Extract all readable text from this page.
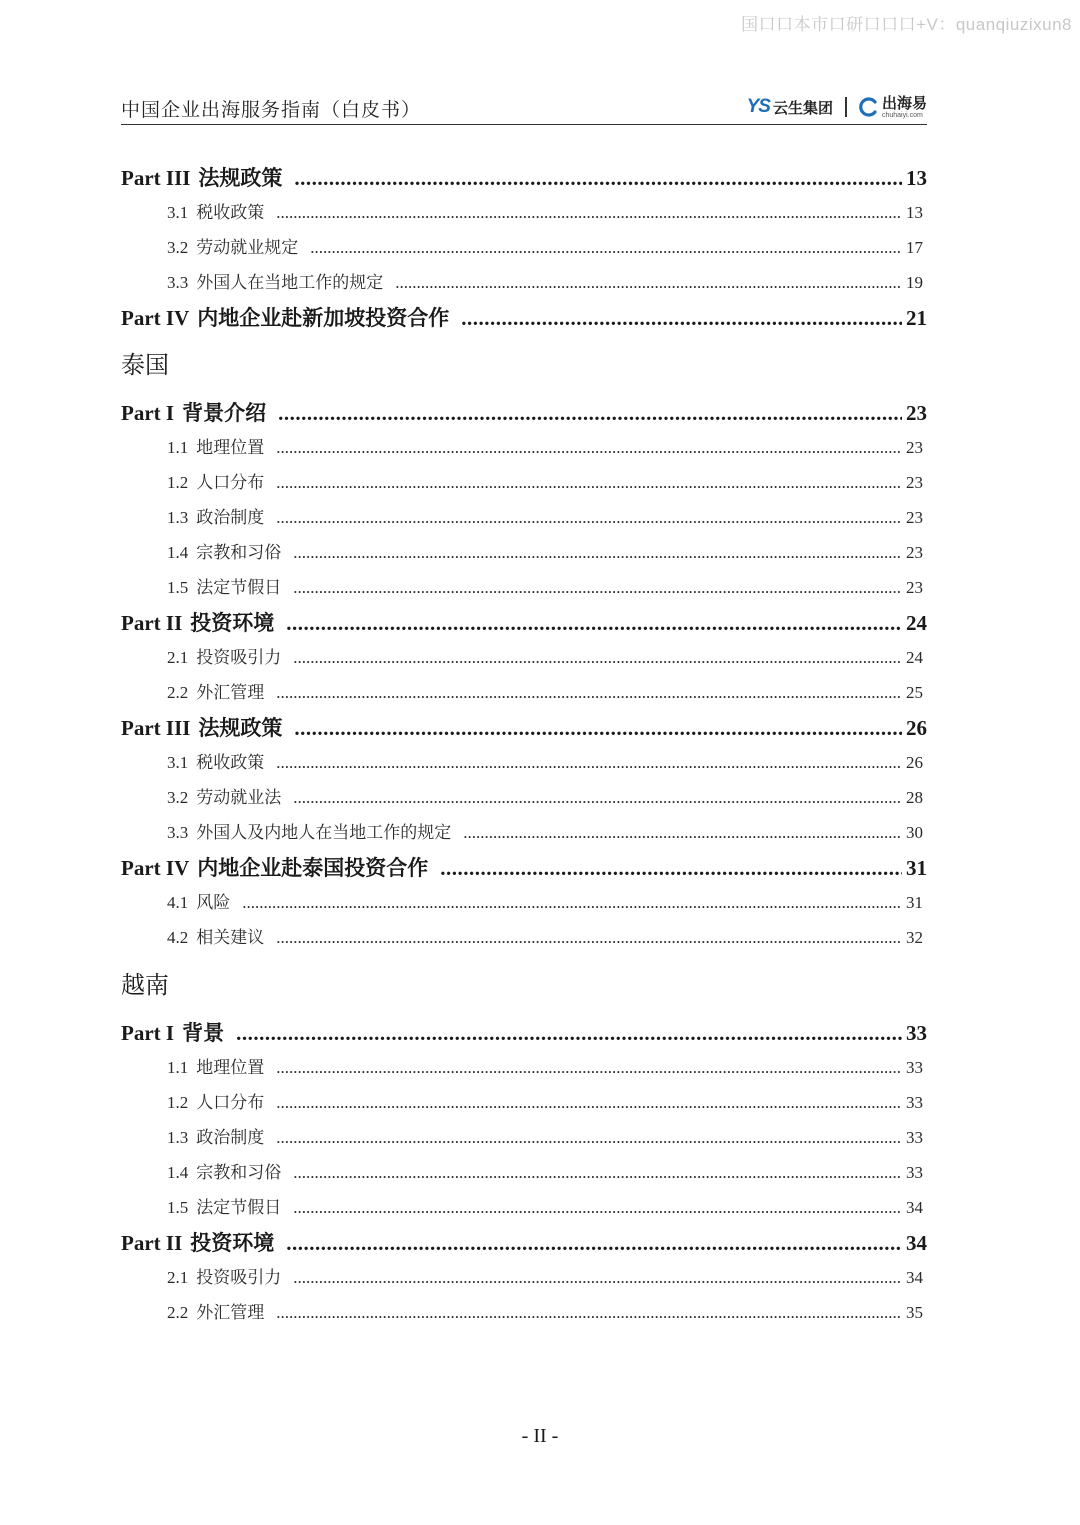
国口口本市口研口口口+V：quanqiuzixun8
中国企业出海服务指南（白皮书）	YS 云生集团	出海易
chuhaiyi.com
Part III 法规政策 .....	13
3.1 税收政策 .....	13
3.2 劳动就业规定 .....	17
3.3 外国人在当地工作的规定 .....	19
Part IV 内地企业赴新加坡投资合作 .....	21
泰国
Part I 背景介绍 .....	23
1.1 地理位置 .....	23
1.2 人口分布 .....	23
1.3 政治制度 .....	23
1.4 宗教和习俗 .....	23
1.5 法定节假日 .....	23
Part II 投资环境 .....	24
2.1 投资吸引力 .....	24
2.2 外汇管理 .....	25
Part III 法规政策 .....	26
3.1 税收政策 .....	26
3.2 劳动就业法 .....	28
3.3 外国人及内地人在当地工作的规定 .....	30
Part IV 内地企业赴泰国投资合作 .....	31
4.1 风险 .....	31
4.2 相关建议 .....	32
越南
Part I 背景 .....	33
1.1 地理位置 .....	33
1.2 人口分布 .....	33
1.3 政治制度 .....	33
1.4 宗教和习俗 .....	33
1.5 法定节假日 .....	34
Part II 投资环境 .....	34
2.1 投资吸引力 .....	34
2.2 外汇管理 .....	35
- II -
